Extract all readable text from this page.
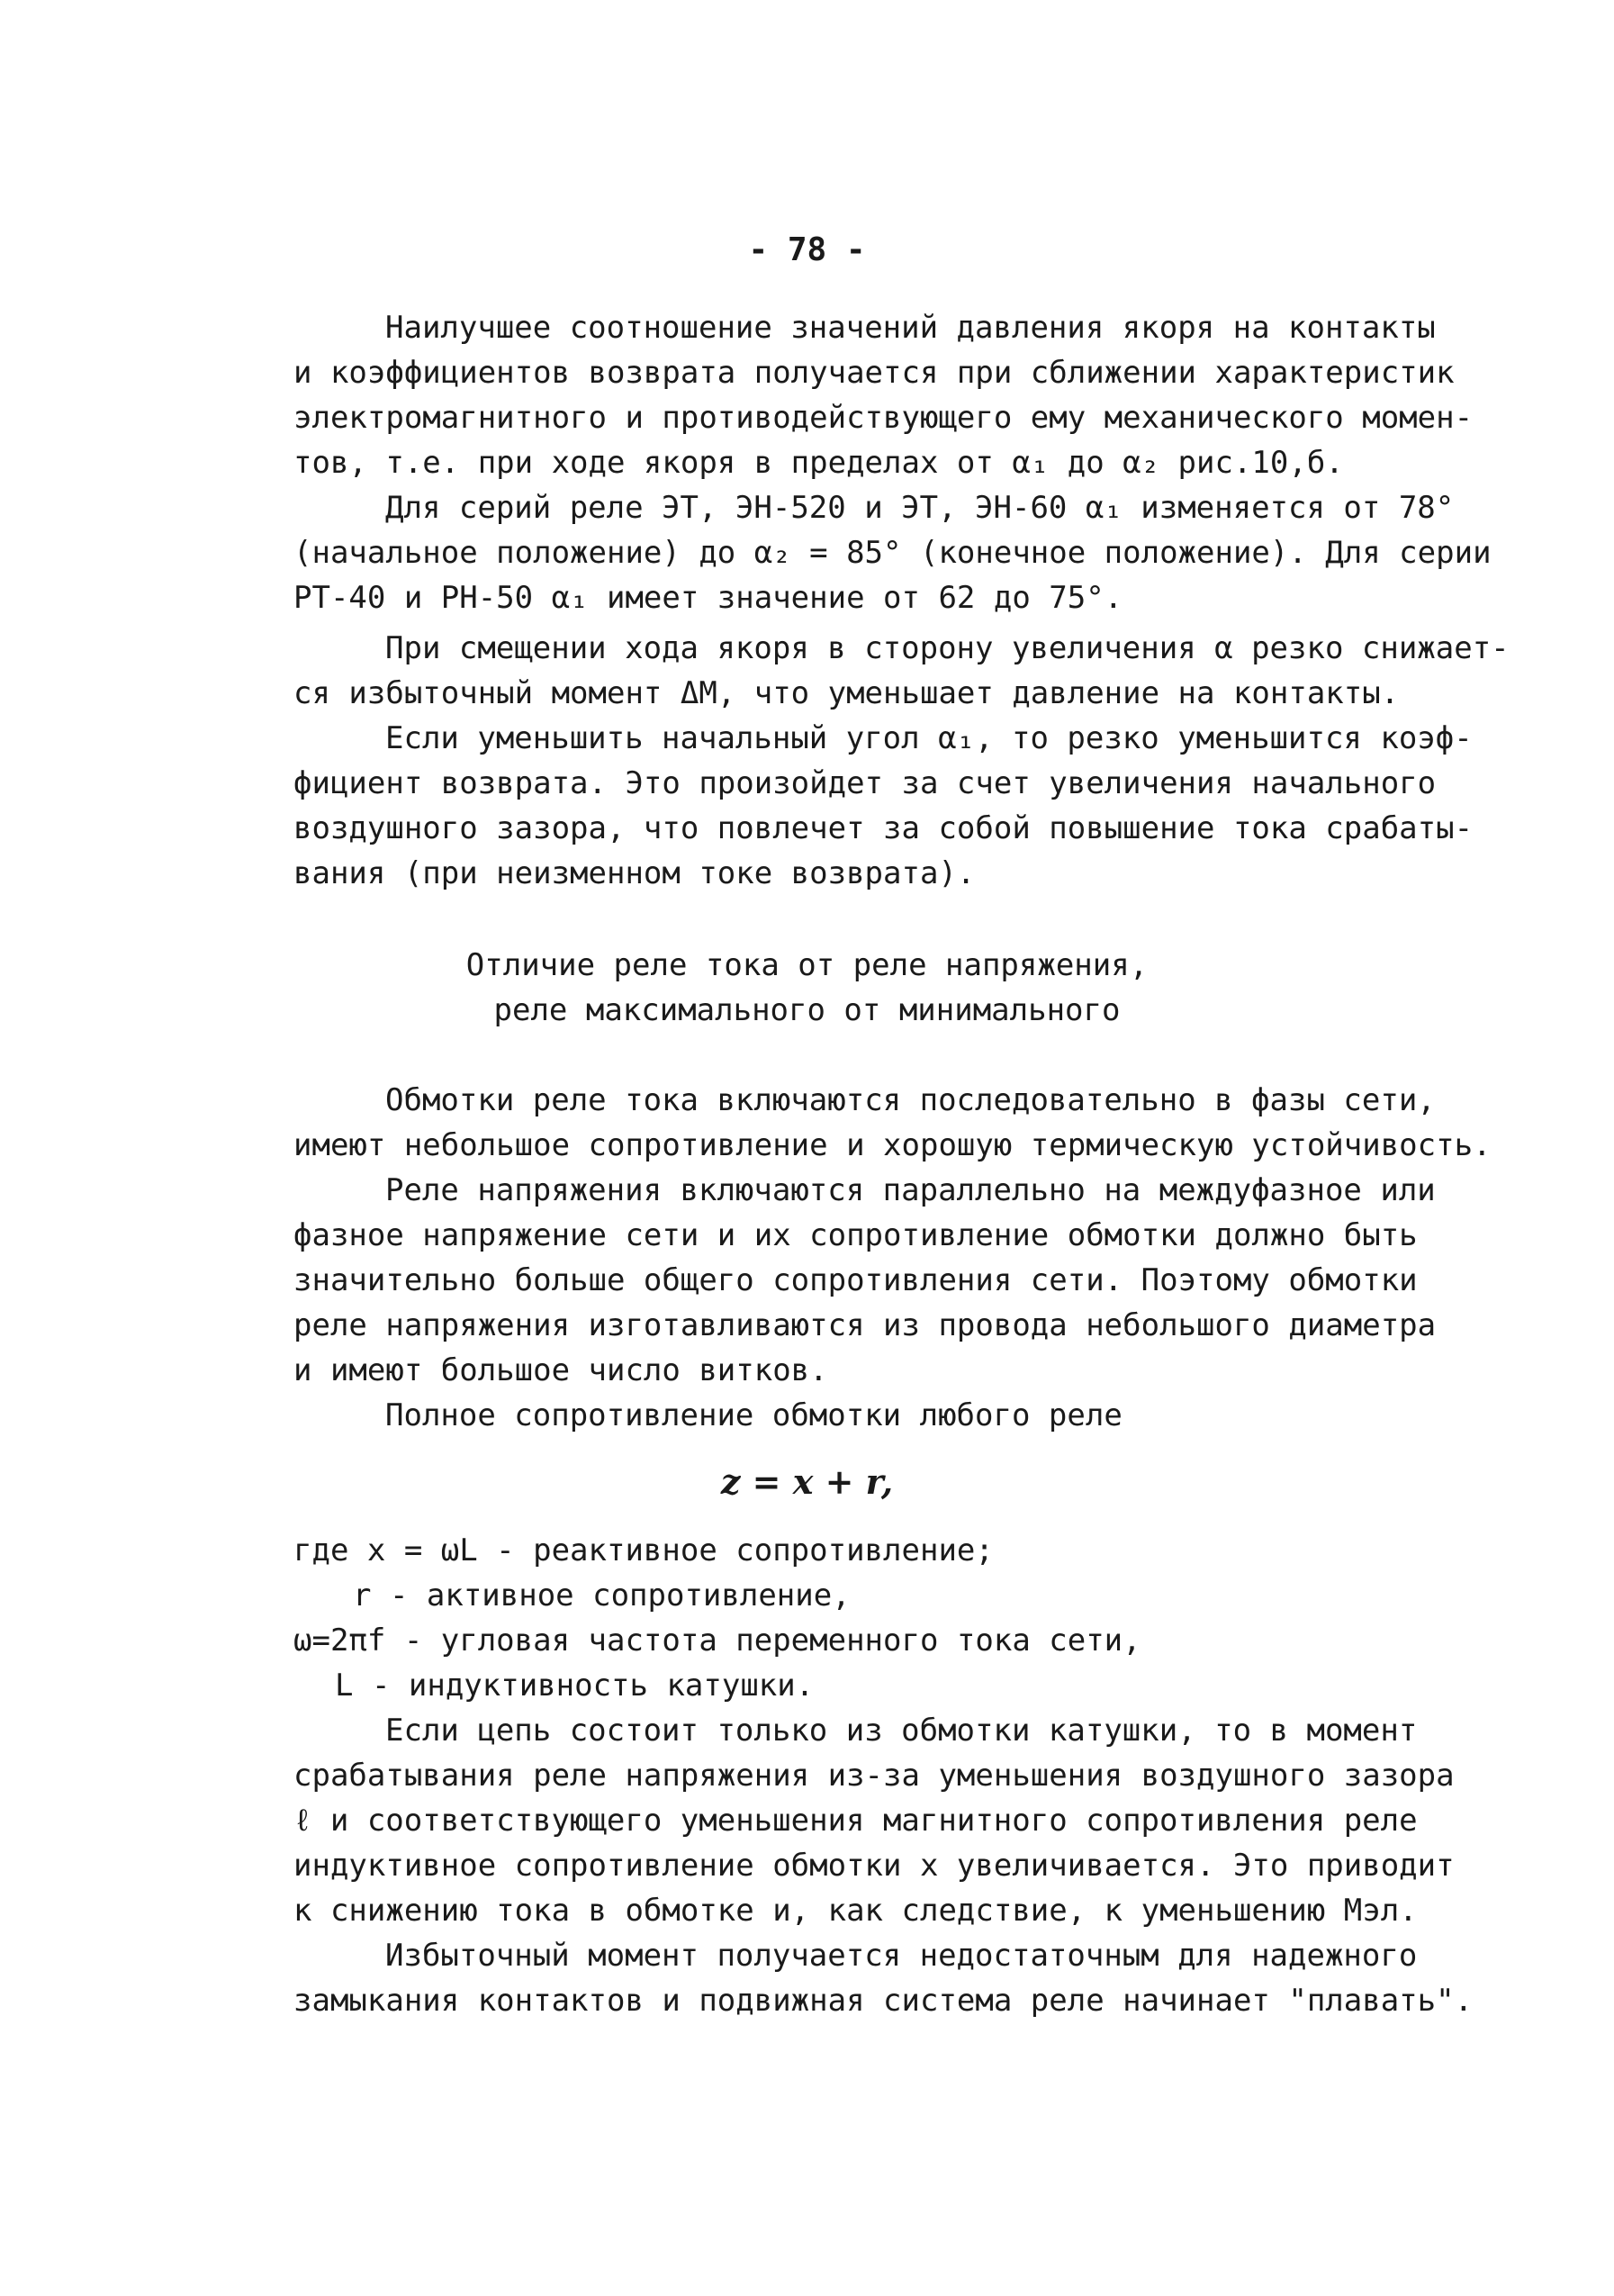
- 78 -
Наилучшее соотношение значений давления якоря на контакты
и коэффициентов возврата получается при сближении характеристик
электромагнитного и противодействующего ему механического момен-
тов, т.е. при ходе якоря в пределах от α₁ до α₂ рис.10,б.
Для серий реле ЭТ, ЭН-520 и ЭТ, ЭН-60 α₁ изменяется от 78°
(начальное положение) до α₂ = 85° (конечное положение). Для серии
РТ-40 и РН-50 α₁ имеет значение от 62 до 75°.
При смещении хода якоря в сторону увеличения α резко снижает-
ся избыточный момент ΔM, что уменьшает давление на контакты.
Если уменьшить начальный угол α₁, то резко уменьшится коэф-
фициент возврата. Это произойдет за счет увеличения начального
воздушного зазора, что повлечет за собой повышение тока срабаты-
вания (при неизменном токе возврата).
Отличие реле тока от реле напряжения,
реле максимального от минимального
Обмотки реле тока включаются последовательно в фазы сети,
имеют небольшое сопротивление и хорошую термическую устойчивость.
Реле напряжения включаются параллельно на междуфазное или
фазное напряжение сети и их сопротивление обмотки должно быть
значительно больше общего сопротивления сети. Поэтому обмотки
реле напряжения изготавливаются из провода небольшого диаметра
и имеют большое число витков.
Полное сопротивление обмотки любого реле
z = x + r,
где x = ωL - реактивное сопротивление;
r - активное сопротивление,
ω=2πf - угловая частота переменного тока сети,
L - индуктивность катушки.
Если цепь состоит только из обмотки катушки, то в момент
срабатывания реле напряжения из-за уменьшения воздушного зазора
ℓ и соответствующего уменьшения магнитного сопротивления реле
индуктивное сопротивление обмотки x увеличивается. Это приводит
к снижению тока в обмотке и, как следствие, к уменьшению Mэл.
Избыточный момент получается недостаточным для надежного
замыкания контактов и подвижная система реле начинает "плавать".
